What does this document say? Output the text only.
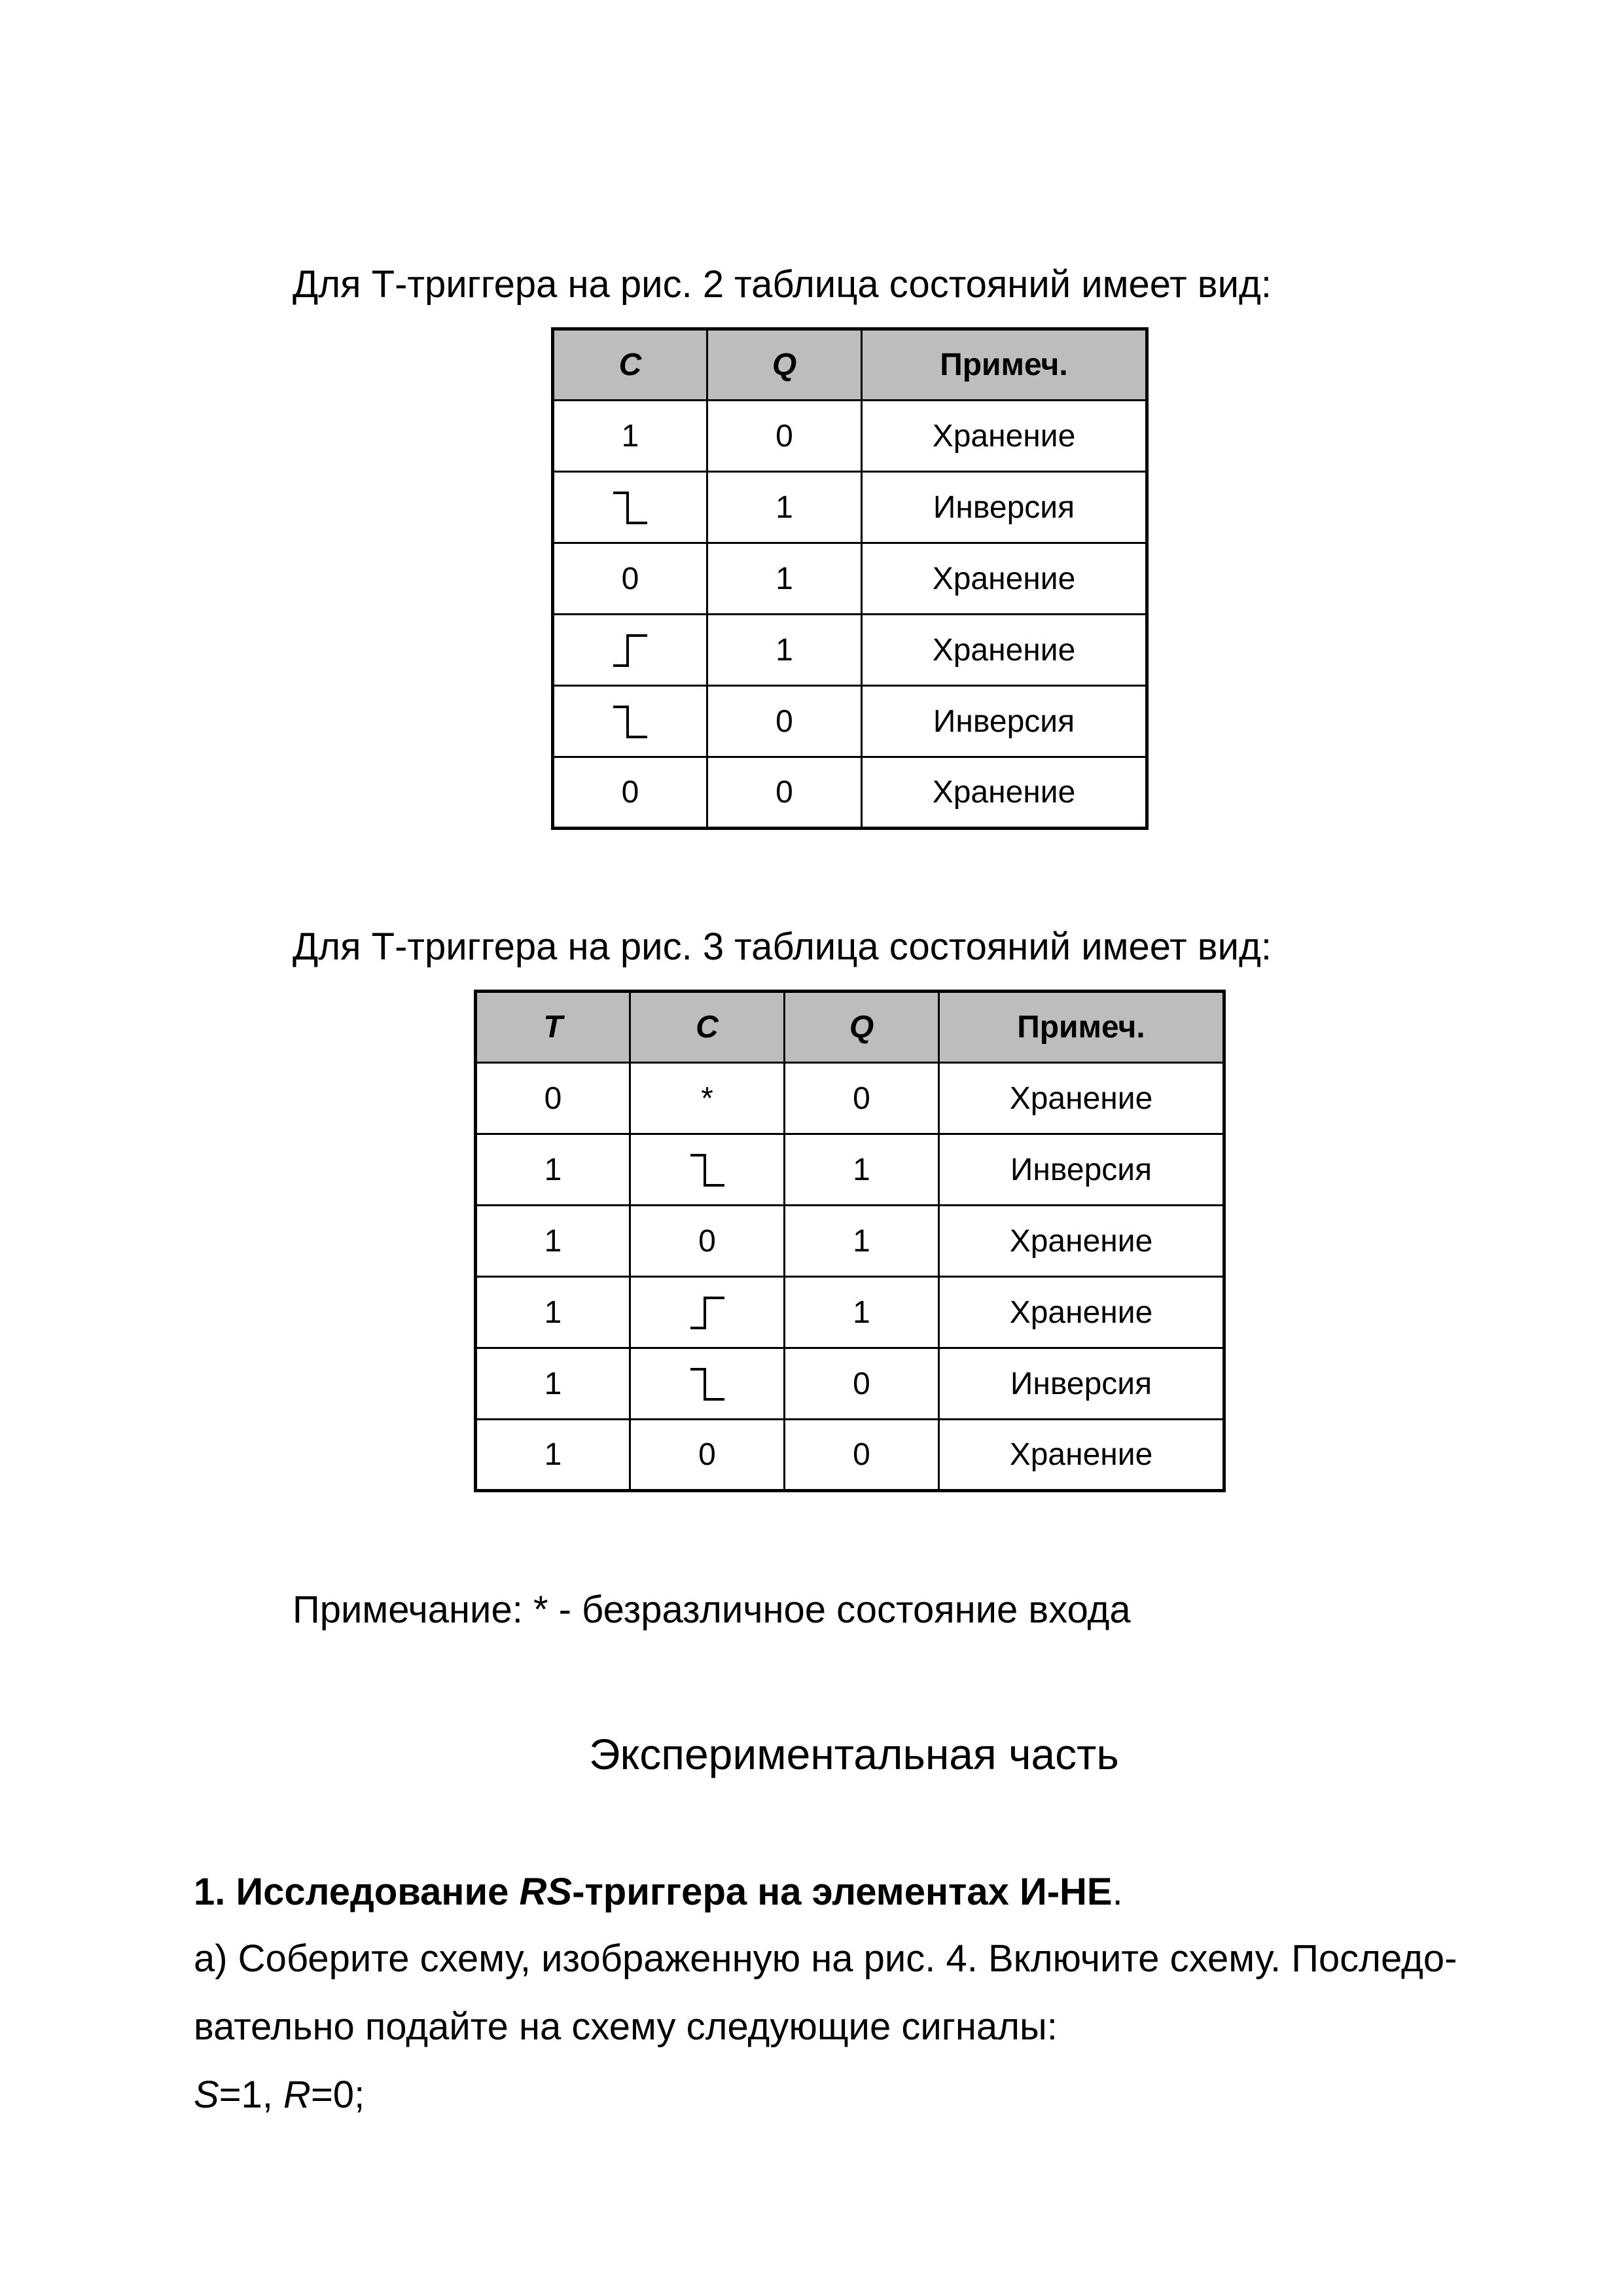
Для Т-триггера на рис. 2 таблица состояний имеет вид:
C	Q	Примеч.
1	0	Хранение
	1	Инверсия
0	1	Хранение
	1	Хранение
	0	Инверсия
0	0	Хранение
Для Т-триггера на рис. 3 таблица состояний имеет вид:
T	C	Q	Примеч.
0	*	0	Хранение
1		1	Инверсия
1	0	1	Хранение
1		1	Хранение
1		0	Инверсия
1	0	0	Хранение
Примечание: * - безразличное состояние входа
Экспериментальная часть
1. Исследование RS-триггера на элементах И-НЕ.
а) Соберите схему, изображенную на рис. 4. Включите схему. Последо-
вательно подайте на схему следующие сигналы:
S=1, R=0;
